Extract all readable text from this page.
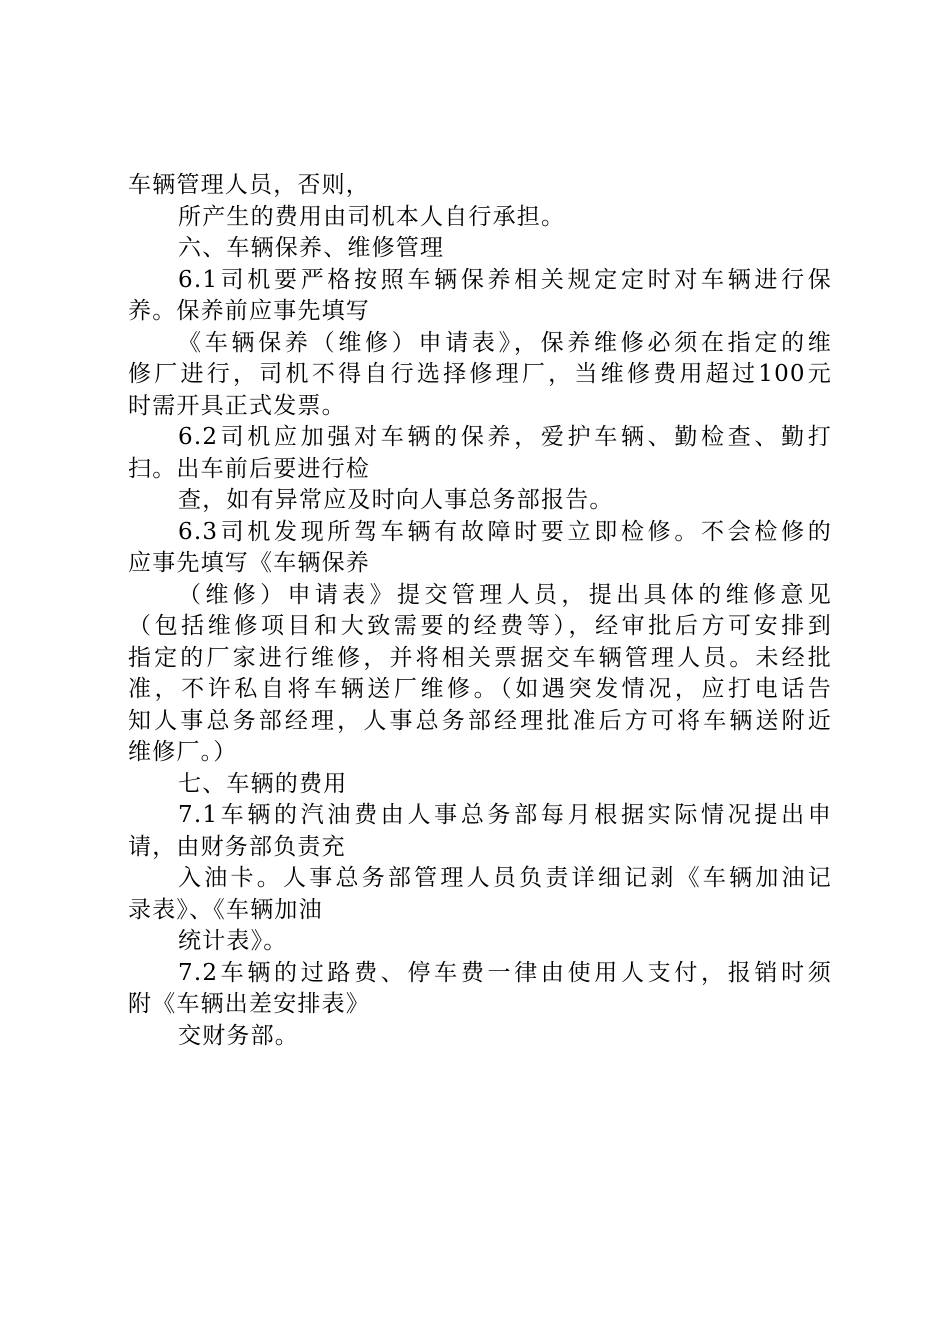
车辆管理人员，否则，
所产生的费用由司机本人自行承担。
六、车辆保养、维修管理
6.1司机要严格按照车辆保养相关规定定时对车辆进行保
养。保养前应事先填写
《车辆保养（维修）申请表》，保养维修必须在指定的维
修厂进行，司机不得自行选择修理厂，当维修费用超过100元
时需开具正式发票。
6.2司机应加强对车辆的保养，爱护车辆、勤检查、勤打
扫。出车前后要进行检
查，如有异常应及时向人事总务部报告。
6.3司机发现所驾车辆有故障时要立即检修。不会检修的
应事先填写《车辆保养
（维修）申请表》提交管理人员，提出具体的维修意见
（包括维修项目和大致需要的经费等），经审批后方可安排到
指定的厂家进行维修，并将相关票据交车辆管理人员。未经批
准，不许私自将车辆送厂维修。（如遇突发情况，应打电话告
知人事总务部经理，人事总务部经理批准后方可将车辆送附近
维修厂。）
七、车辆的费用
7.1车辆的汽油费由人事总务部每月根据实际情况提出申
请，由财务部负责充
入油卡。人事总务部管理人员负责详细记剥《车辆加油记
录表》、《车辆加油
统计表》。
7.2车辆的过路费、停车费一律由使用人支付，报销时须
附《车辆出差安排表》
交财务部。
